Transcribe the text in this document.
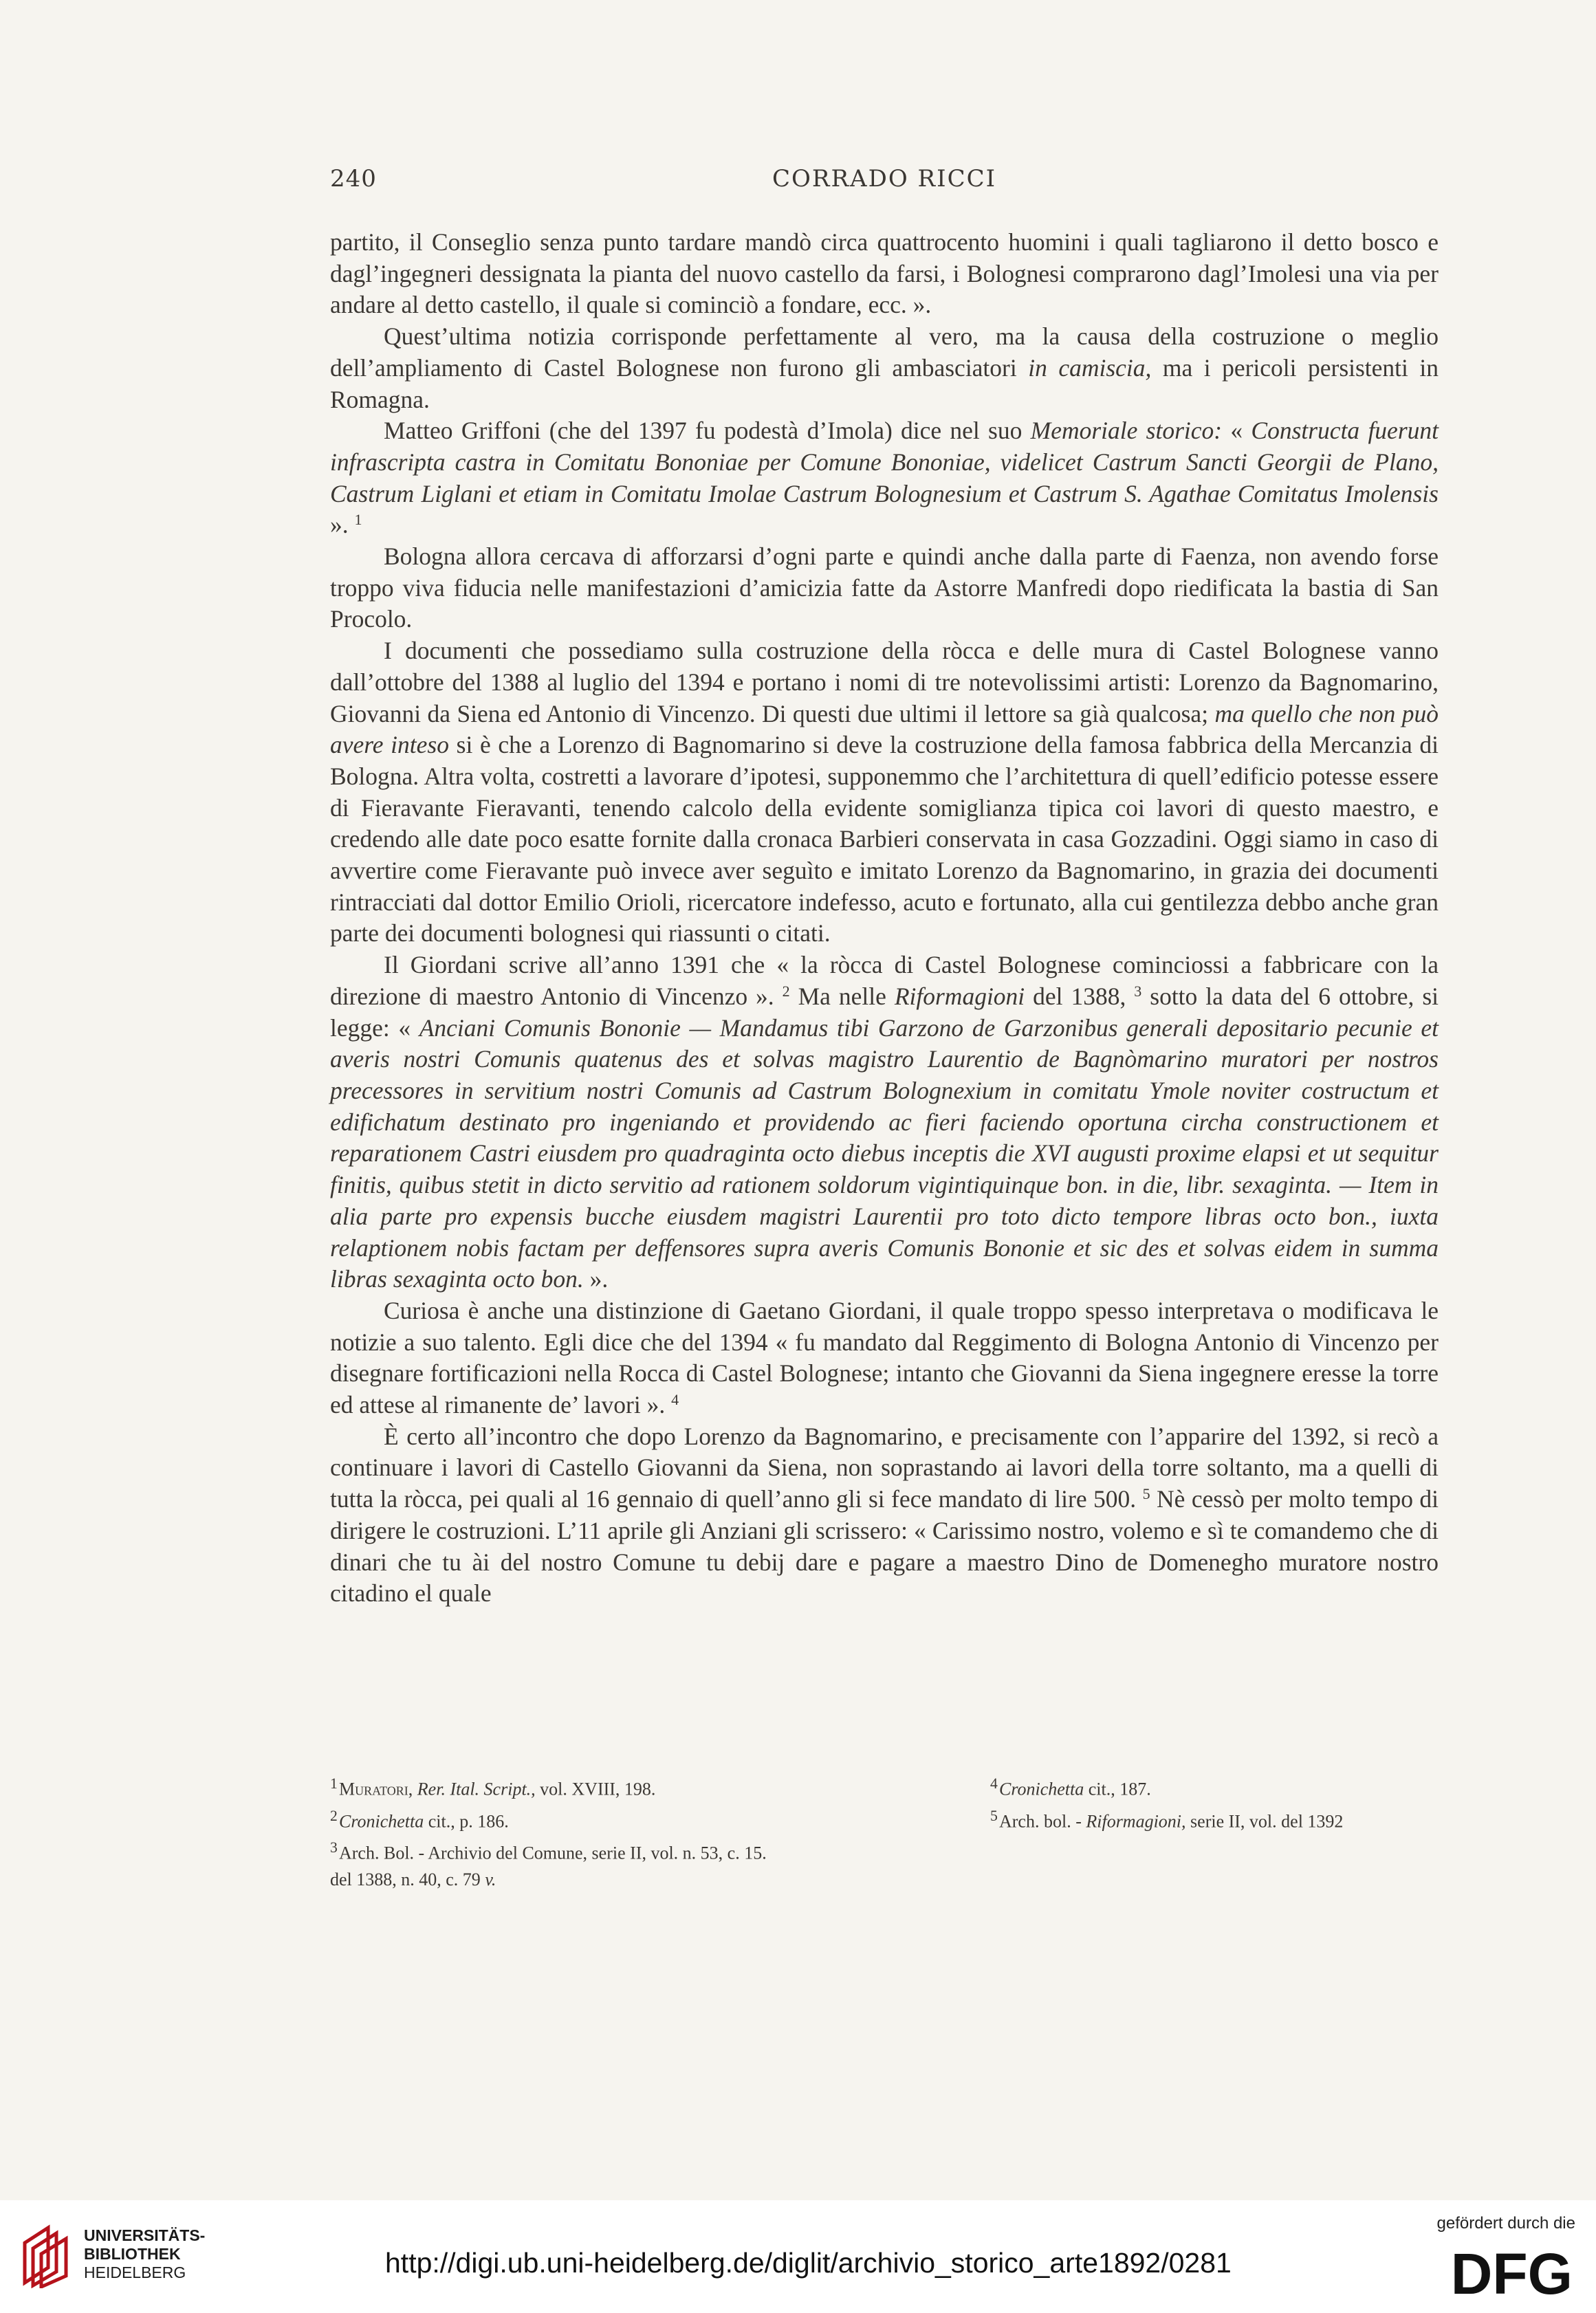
240	CORRADO RICCI

partito, il Conseglio senza punto tardare mandò circa quattrocento huomini i quali tagliarono il detto bosco e dagl’ingegneri dessignata la pianta del nuovo castello da farsi, i Bolognesi comprarono dagl’Imolesi una via per andare al detto castello, il quale si cominciò a fondare, ecc. ».

Quest’ultima notizia corrisponde perfettamente al vero, ma la causa della costruzione o meglio dell’ampliamento di Castel Bolognese non furono gli ambasciatori in camiscia, ma i pericoli persistenti in Romagna.

Matteo Griffoni (che del 1397 fu podestà d’Imola) dice nel suo Memoriale storico: « Constructa fuerunt infrascripta castra in Comitatu Bononiae per Comune Bononiae, videlicet Castrum Sancti Georgii de Plano, Castrum Liglani et etiam in Comitatu Imolae Castrum Bolognesium et Castrum S. Agathae Comitatus Imolensis ». $^1$

Bologna allora cercava di afforzarsi d’ogni parte e quindi anche dalla parte di Faenza, non avendo forse troppo viva fiducia nelle manifestazioni d’amicizia fatte da Astorre Manfredi dopo riedificata la bastia di San Procolo.

I documenti che possediamo sulla costruzione della ròcca e delle mura di Castel Bolognese vanno dall’ottobre del 1388 al luglio del 1394 e portano i nomi di tre notevolissimi artisti: Lorenzo da Bagnomarino, Giovanni da Siena ed Antonio di Vincenzo. Di questi due ultimi il lettore sa già qualcosa; ma quello che non può avere inteso si è che a Lorenzo di Bagnomarino si deve la costruzione della famosa fabbrica della Mercanzia di Bologna. Altra volta, costretti a lavorare d’ipotesi, supponemmo che l’architettura di quell’edificio potesse essere di Fieravante Fieravanti, tenendo calcolo della evidente somiglianza tipica coi lavori di questo maestro, e credendo alle date poco esatte fornite dalla cronaca Barbieri conservata in casa Gozzadini. Oggi siamo in caso di avvertire come Fieravante può invece aver seguìto e imitato Lorenzo da Bagnomarino, in grazia dei documenti rintracciati dal dottor Emilio Orioli, ricercatore indefesso, acuto e fortunato, alla cui gentilezza debbo anche gran parte dei documenti bolognesi qui riassunti o citati.

Il Giordani scrive all’anno 1391 che « la ròcca di Castel Bolognese cominciossi a fabbricare con la direzione di maestro Antonio di Vincenzo ». $^2$ Ma nelle Riformagioni del 1388, $^3$ sotto la data del 6 ottobre, si legge: « Anciani Comunis Bononie — Mandamus tibi Garzono de Garzonibus generali depositario pecunie et averis nostri Comunis quatenus des et solvas magistro Laurentio de Bagnòmarino muratori per nostros precessores in servitium nostri Comunis ad Castrum Bolognexium in comitatu Ymole noviter costructum et edifichatum destinato pro ingeniando et providendo ac fieri faciendo oportuna circha constructionem et reparationem Castri eiusdem pro quadraginta octo diebus inceptis die XVI augusti proxime elapsi et ut sequitur finitis, quibus stetit in dicto servitio ad rationem soldorum vigintiquinque bon. in die, libr. sexaginta. — Item in alia parte pro expensis bucche eiusdem magistri Laurentii pro toto dicto tempore libras octo bon., iuxta relaptionem nobis factam per deffensores supra averis Comunis Bononie et sic des et solvas eidem in summa libras sexaginta octo bon. ».

Curiosa è anche una distinzione di Gaetano Giordani, il quale troppo spesso interpretava o modificava le notizie a suo talento. Egli dice che del 1394 « fu mandato dal Reggimento di Bologna Antonio di Vincenzo per disegnare fortificazioni nella Rocca di Castel Bolognese; intanto che Giovanni da Siena ingegnere eresse la torre ed attese al rimanente de’ lavori ». $^4$

È certo all’incontro che dopo Lorenzo da Bagnomarino, e precisamente con l’apparire del 1392, si recò a continuare i lavori di Castello Giovanni da Siena, non soprastando ai lavori della torre soltanto, ma a quelli di tutta la ròcca, pei quali al 16 gennaio di quell’anno gli si fece mandato di lire 500. $^5$ Nè cessò per molto tempo di dirigere le costruzioni. L’11 aprile gli Anziani gli scrissero: « Carissimo nostro, volemo e sì te comandemo che di dinari che tu ài del nostro Comune tu debij dare e pagare a maestro Dino de Domenegho muratore nostro citadino el quale

$^1$ Muratori, Rer. Ital. Script., vol. XVIII, 198.
$^2$ Cronichetta cit., p. 186.
$^3$ Arch. Bol. - Archivio del Comune, serie II, vol. n. 53, c. 15.
del 1388, n. 40, c. 79 v.
$^4$ Cronichetta cit., 187.
$^5$ Arch. bol. - Riformagioni, serie II, vol. del 1392
UNIVERSITÄTS-
BIBLIOTHEK
HEIDELBERG	http://digi.ub.uni-heidelberg.de/diglit/archivio_storico_arte1892/0281
gefördert durch die
DFG
